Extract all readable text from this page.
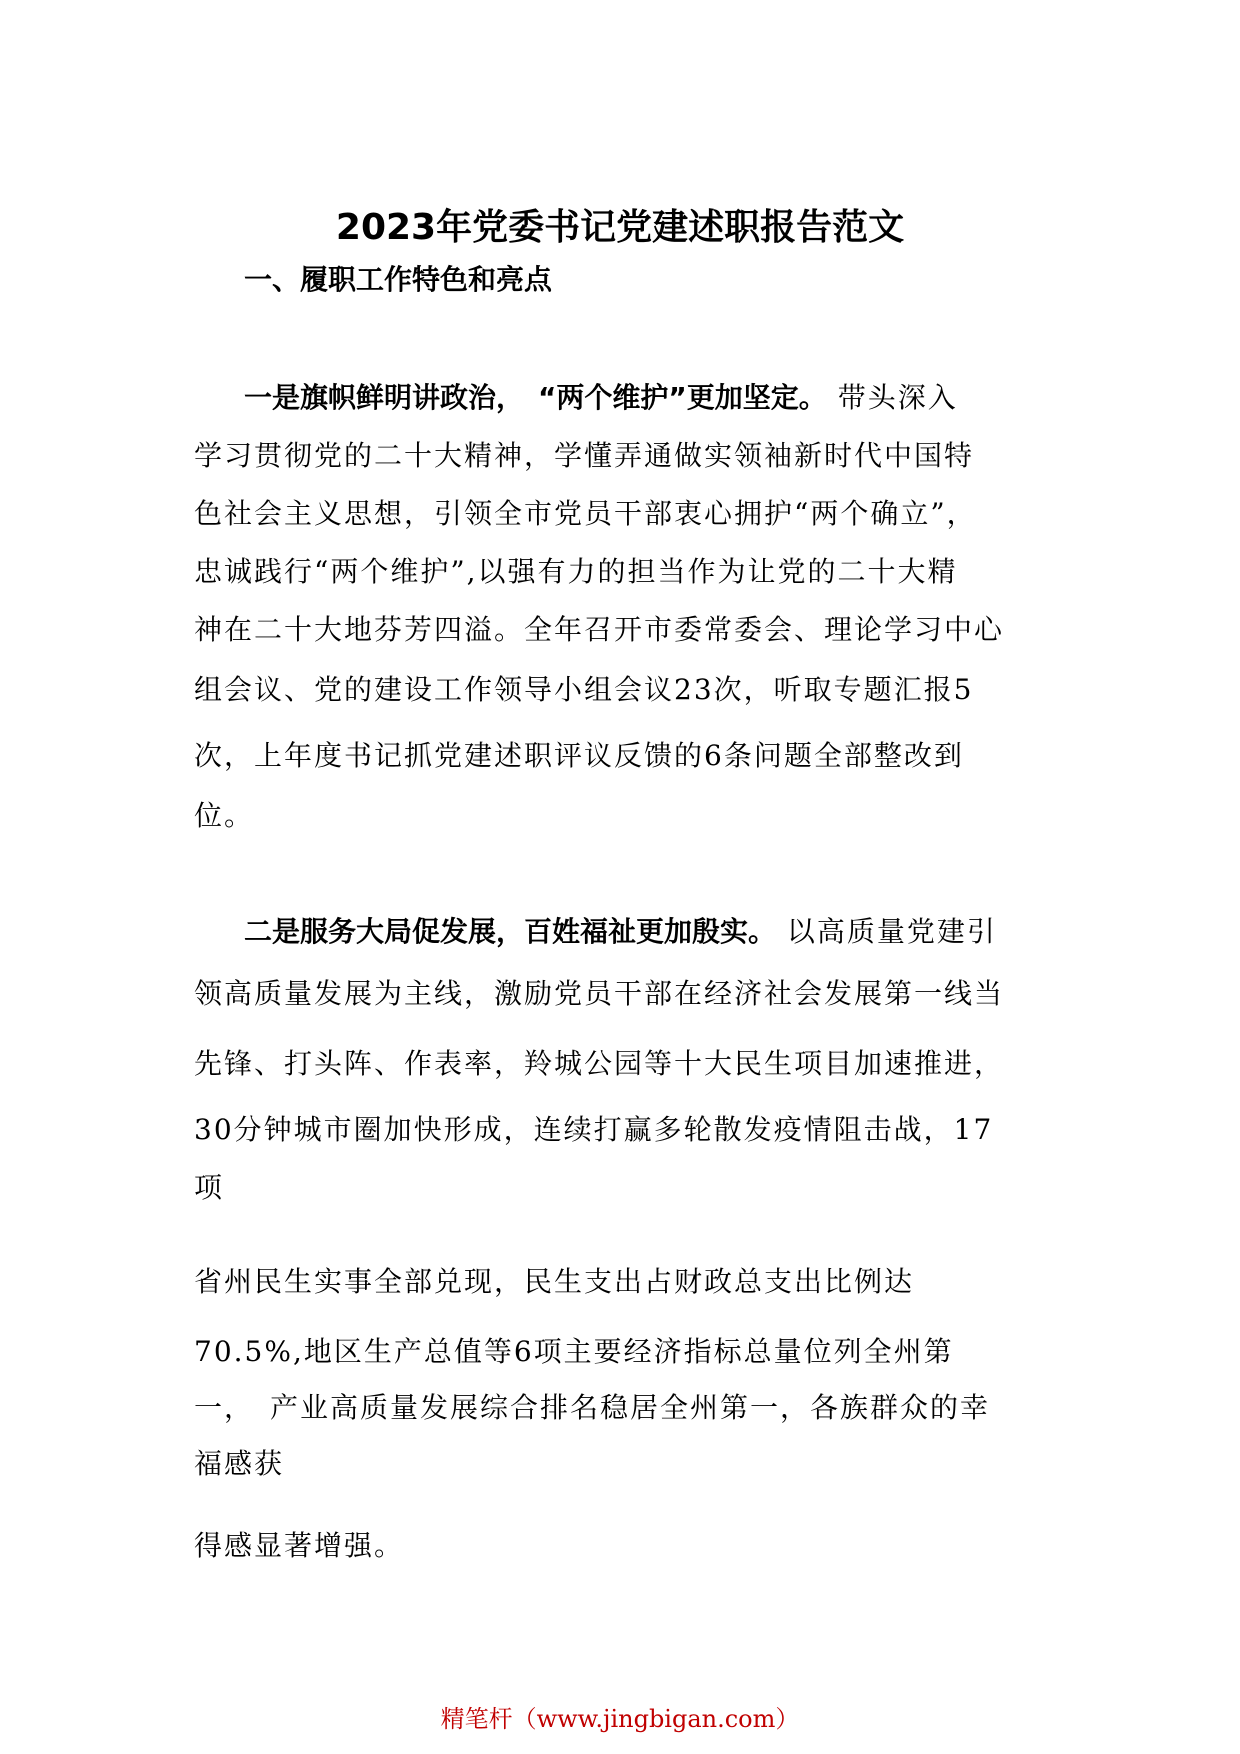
2023年党委书记党建述职报告范文
一、履职工作特色和亮点
一是旗帜鲜明讲政治，　“两个维护”更加坚定。 带头深入
学习贯彻党的二十大精神，学懂弄通做实领袖新时代中国特
色社会主义思想，引领全市党员干部衷心拥护“两个确立”，
忠诚践行“两个维护”,以强有力的担当作为让党的二十大精
神在二十大地芬芳四溢。全年召开市委常委会、理论学习中心
组会议、党的建设工作领导小组会议23次，听取专题汇报5
次，上年度书记抓党建述职评议反馈的6条问题全部整改到
位。
二是服务大局促发展，百姓福祉更加殷实。 以高质量党建引
领高质量发展为主线，激励党员干部在经济社会发展第一线当
先锋、打头阵、作表率，羚城公园等十大民生项目加速推进，
30分钟城市圈加快形成，连续打赢多轮散发疫情阻击战，17
项
省州民生实事全部兑现，民生支出占财政总支出比例达
70.5%,地区生产总值等6项主要经济指标总量位列全州第
一，　产业高质量发展综合排名稳居全州第一，各族群众的幸
福感获
得感显著增强。
精笔杆（www.jingbigan.com）
